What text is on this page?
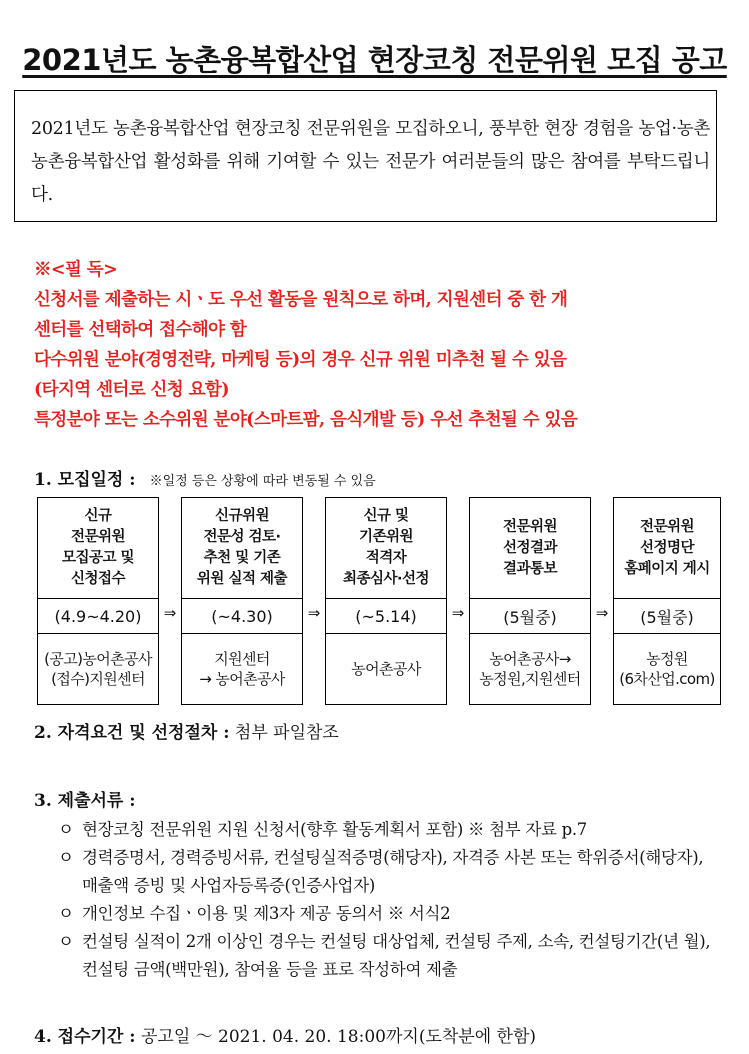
2021년도 농촌융복합산업 현장코칭 전문위원 모집 공고
2021년도 농촌융복합산업 현장코칭 전문위원을 모집하오니, 풍부한 현장 경험을 농업·농촌 농촌융복합산업 활성화를 위해 기여할 수 있는 전문가 여러분들의 많은 참여를 부탁드립니다.
※<필 독>
신청서를 제출하는 시ㆍ도 우선 활동을 원칙으로 하며, 지원센터 중 한 개
센터를 선택하여 접수해야 함
다수위원 분야(경영전략, 마케팅 등)의 경우 신규 위원 미추천 될 수 있음
(타지역 센터로 신청 요함)
특정분야 또는 소수위원 분야(스마트팜, 음식개발 등) 우선 추천될 수 있음
1. 모집일정 : ※일정 등은 상황에 따라 변동될 수 있음
신규
전문위원
모집공고 및
신청접수
(4.9~4.20)
(공고)농어촌공사
(접수)지원센터
⇒
신규위원
전문성 검토·
추천 및 기존
위원 실적 제출
(~4.30)
지원센터
→ 농어촌공사
⇒
신규 및
기존위원
적격자
최종심사·선정
(~5.14)
농어촌공사
⇒
전문위원
선정결과
결과통보
(5월중)
농어촌공사→
농정원,지원센터
⇒
전문위원
선정명단
홈페이지 게시
(5월중)
농정원
(6차산업.com)
2. 자격요건 및 선정절차 : 첨부 파일참조
3. 제출서류 :
ㅇ 현장코칭 전문위원 지원 신청서(향후 활동계획서 포함) ※ 첨부 자료 p.7
ㅇ 경력증명서, 경력증빙서류, 컨설팅실적증명(해당자), 자격증 사본 또는 학위증서(해당자), 매출액 증빙 및 사업자등록증(인증사업자)
ㅇ 개인정보 수집ㆍ이용 및 제3자 제공 동의서 ※ 서식2
ㅇ 컨설팅 실적이 2개 이상인 경우는 컨설팅 대상업체, 컨설팅 주제, 소속, 컨설팅기간(년 월), 컨설팅 금액(백만원), 참여율 등을 표로 작성하여 제출
4. 접수기간 : 공고일 ～ 2021. 04. 20. 18:00까지(도착분에 한함)
